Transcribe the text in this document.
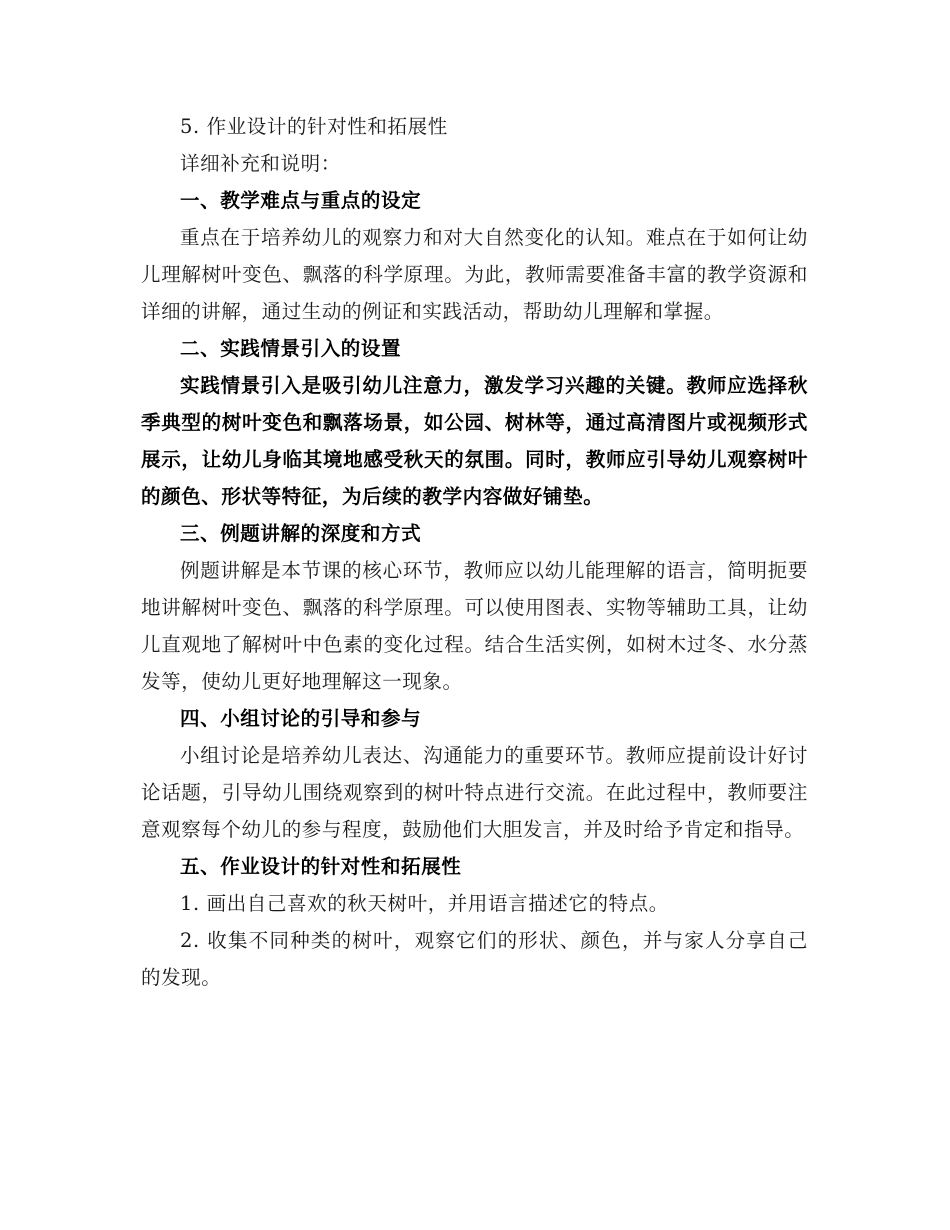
5. 作业设计的针对性和拓展性

详细补充和说明：

一、教学难点与重点的设定

重点在于培养幼儿的观察力和对大自然变化的认知。难点在于如何让幼儿理解树叶变色、飘落的科学原理。为此，教师需要准备丰富的教学资源和详细的讲解，通过生动的例证和实践活动，帮助幼儿理解和掌握。

二、实践情景引入的设置

实践情景引入是吸引幼儿注意力，激发学习兴趣的关键。教师应选择秋季典型的树叶变色和飘落场景，如公园、树林等，通过高清图片或视频形式展示，让幼儿身临其境地感受秋天的氛围。同时，教师应引导幼儿观察树叶的颜色、形状等特征，为后续的教学内容做好铺垫。

三、例题讲解的深度和方式

例题讲解是本节课的核心环节，教师应以幼儿能理解的语言，简明扼要地讲解树叶变色、飘落的科学原理。可以使用图表、实物等辅助工具，让幼儿直观地了解树叶中色素的变化过程。结合生活实例，如树木过冬、水分蒸发等，使幼儿更好地理解这一现象。

四、小组讨论的引导和参与

小组讨论是培养幼儿表达、沟通能力的重要环节。教师应提前设计好讨论话题，引导幼儿围绕观察到的树叶特点进行交流。在此过程中，教师要注意观察每个幼儿的参与程度，鼓励他们大胆发言，并及时给予肯定和指导。

五、作业设计的针对性和拓展性

1. 画出自己喜欢的秋天树叶，并用语言描述它的特点。

2. 收集不同种类的树叶，观察它们的形状、颜色，并与家人分享自己的发现。
